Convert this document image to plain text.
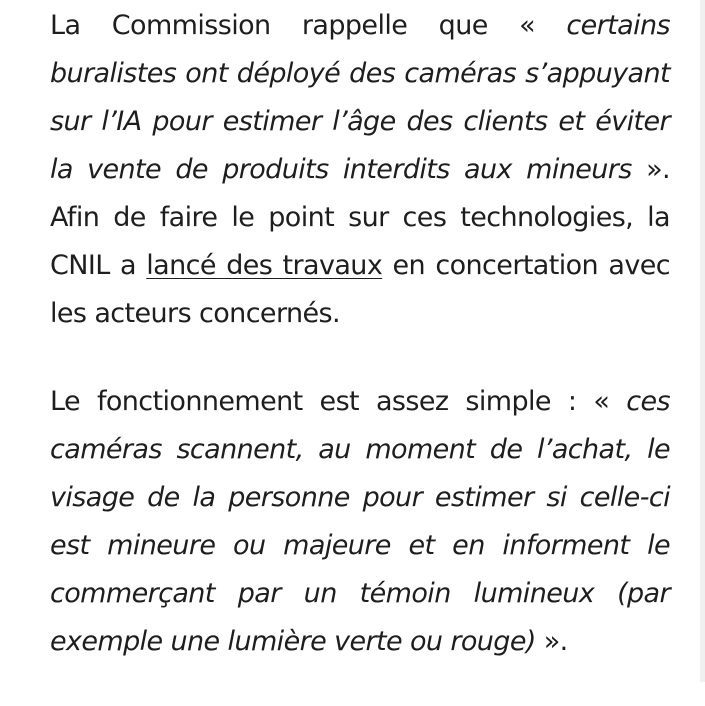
La Commission rappelle que « certains buralistes ont déployé des caméras s’appuyant sur l’IA pour estimer l’âge des clients et éviter la vente de produits interdits aux mineurs ». Afin de faire le point sur ces technologies, la CNIL a lancé des travaux en concertation avec les acteurs concernés.

Le fonctionnement est assez simple : « ces caméras scannent, au moment de l’achat, le visage de la personne pour estimer si celle-ci est mineure ou majeure et en informent le commerçant par un témoin lumineux (par exemple une lumière verte ou rouge) ».
